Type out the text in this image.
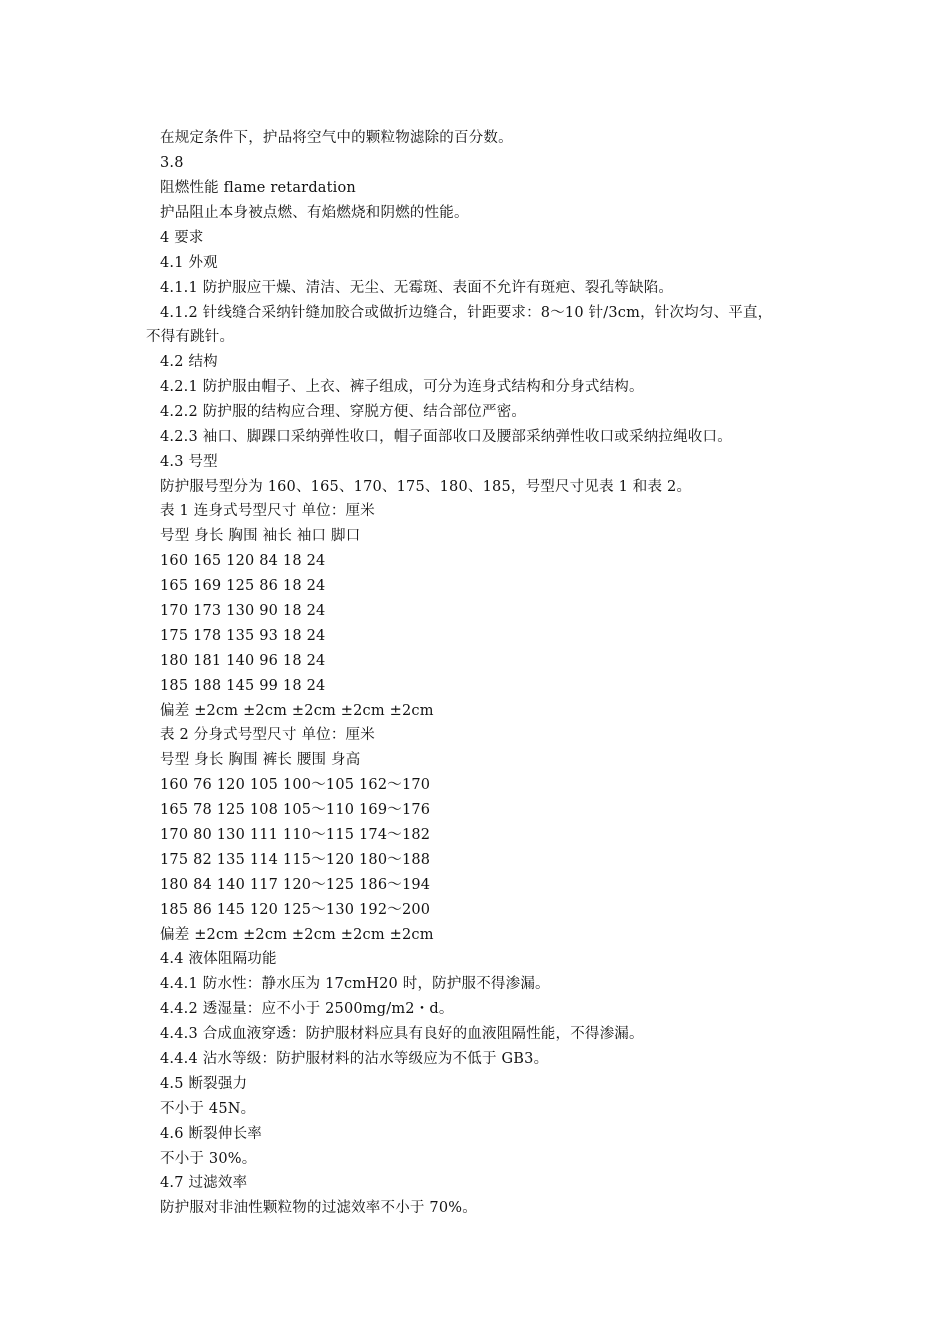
在规定条件下，护品将空气中的颗粒物滤除的百分数。
3.8
阻燃性能 flame retardation
护品阻止本身被点燃、有焰燃烧和阴燃的性能。
4 要求
4.1 外观
4.1.1 防护服应干燥、清洁、无尘、无霉斑、表面不允许有斑疤、裂孔等缺陷。
4.1.2 针线缝合采纳针缝加胶合或做折边缝合，针距要求：8～10 针/3cm，针次均匀、平直，
不得有跳针。
4.2 结构
4.2.1 防护服由帽子、上衣、裤子组成，可分为连身式结构和分身式结构。
4.2.2 防护服的结构应合理、穿脱方便、结合部位严密。
4.2.3 袖口、脚踝口采纳弹性收口，帽子面部收口及腰部采纳弹性收口或采纳拉绳收口。
4.3 号型
防护服号型分为 160、165、170、175、180、185，号型尺寸见表 1 和表 2。
表 1 连身式号型尺寸 单位：厘米
号型 身长 胸围 袖长 袖口 脚口
160 165 120 84 18 24
165 169 125 86 18 24
170 173 130 90 18 24
175 178 135 93 18 24
180 181 140 96 18 24
185 188 145 99 18 24
偏差 ±2cm ±2cm ±2cm ±2cm ±2cm
表 2 分身式号型尺寸 单位：厘米
号型 身长 胸围 裤长 腰围 身高
160 76 120 105 100～105 162～170
165 78 125 108 105～110 169～176
170 80 130 111 110～115 174～182
175 82 135 114 115～120 180～188
180 84 140 117 120～125 186～194
185 86 145 120 125～130 192～200
偏差 ±2cm ±2cm ±2cm ±2cm ±2cm
4.4 液体阻隔功能
4.4.1 防水性：静水压为 17cmH20 时，防护服不得渗漏。
4.4.2 透湿量：应不小于 2500mg/m2・d。
4.4.3 合成血液穿透：防护服材料应具有良好的血液阻隔性能，不得渗漏。
4.4.4 沾水等级：防护服材料的沾水等级应为不低于 GB3。
4.5 断裂强力
不小于 45N。
4.6 断裂伸长率
不小于 30%。
4.7 过滤效率
防护服对非油性颗粒物的过滤效率不小于 70%。
